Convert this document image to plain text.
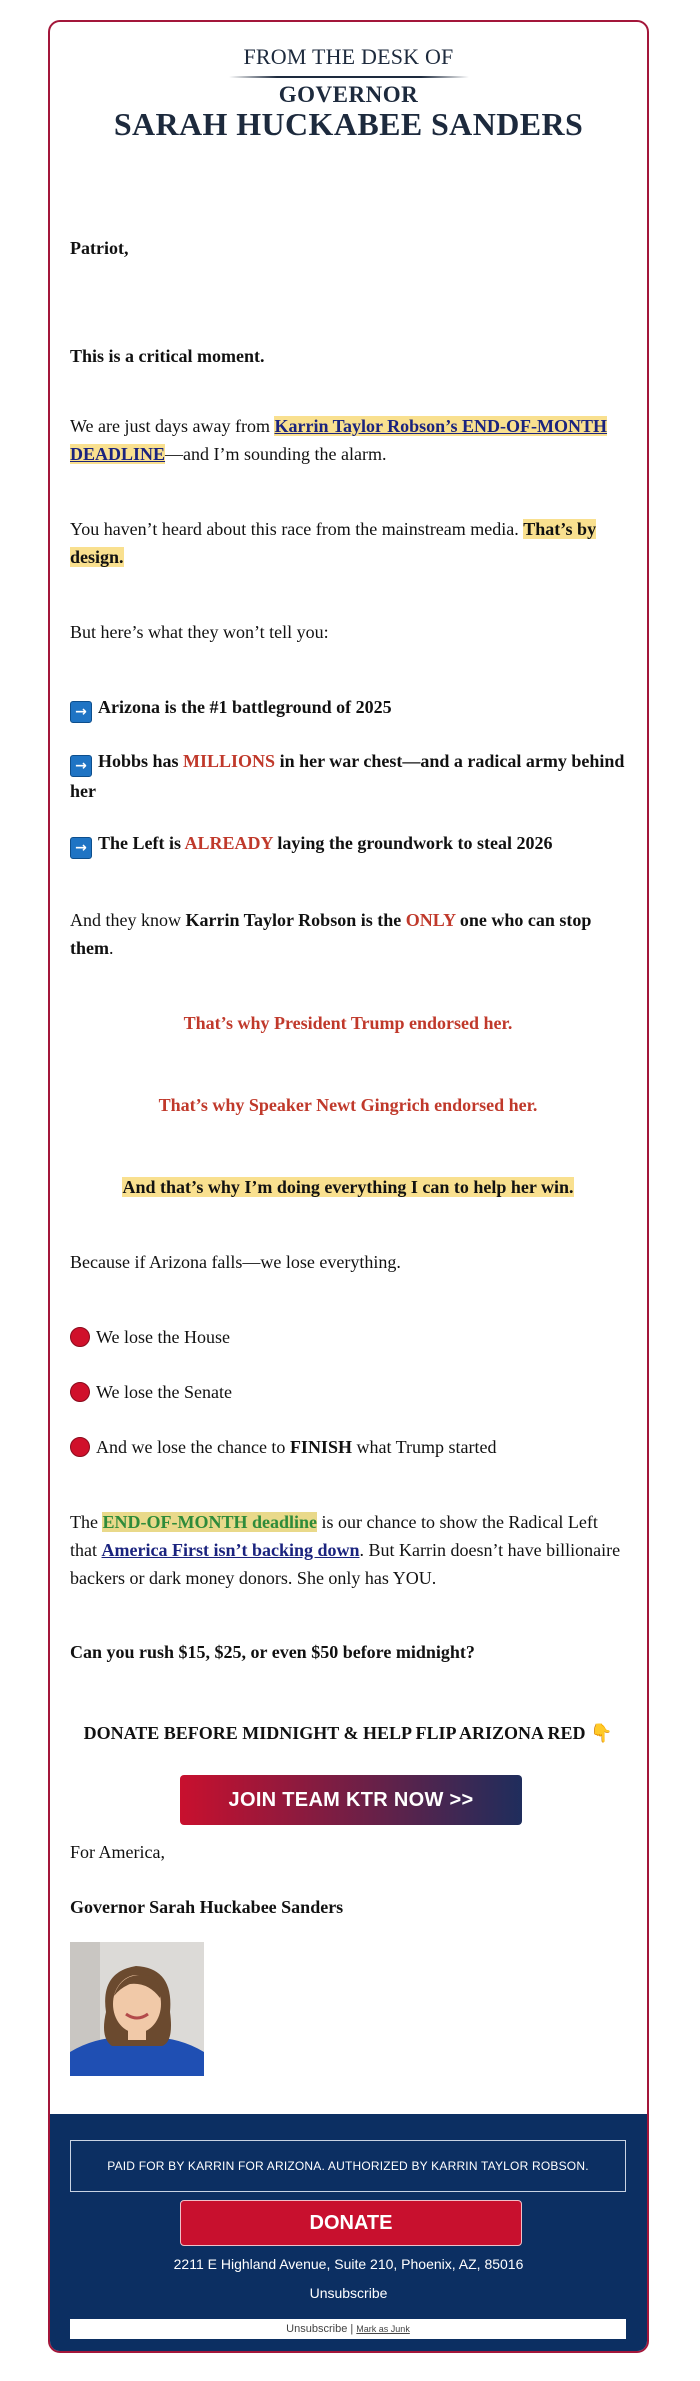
FROM THE DESK OF
GOVERNOR
SARAH HUCKABEE SANDERS

Patriot,

This is a critical moment.

We are just days away from Karrin Taylor Robson’s END-OF-MONTH DEADLINE—and I’m sounding the alarm.

You haven’t heard about this race from the mainstream media. That’s by design.

But here’s what they won’t tell you:

→ Arizona is the #1 battleground of 2025

→ Hobbs has MILLIONS in her war chest—and a radical army behind her

→ The Left is ALREADY laying the groundwork to steal 2026

And they know Karrin Taylor Robson is the ONLY one who can stop them.

That’s why President Trump endorsed her.

That’s why Speaker Newt Gingrich endorsed her.

And that’s why I’m doing everything I can to help her win.

Because if Arizona falls—we lose everything.

We lose the House

We lose the Senate

And we lose the chance to FINISH what Trump started

The END-OF-MONTH deadline is our chance to show the Radical Left that America First isn’t backing down. But Karrin doesn’t have billionaire backers or dark money donors. She only has YOU.

Can you rush $15, $25, or even $50 before midnight?

DONATE BEFORE MIDNIGHT & HELP FLIP ARIZONA RED 👇

JOIN TEAM KTR NOW >>

For America,

Governor Sarah Huckabee Sanders

PAID FOR BY KARRIN FOR ARIZONA. AUTHORIZED BY KARRIN TAYLOR ROBSON.
DONATE
2211 E Highland Avenue, Suite 210, Phoenix, AZ, 85016
Unsubscribe
Unsubscribe | Mark as Junk
